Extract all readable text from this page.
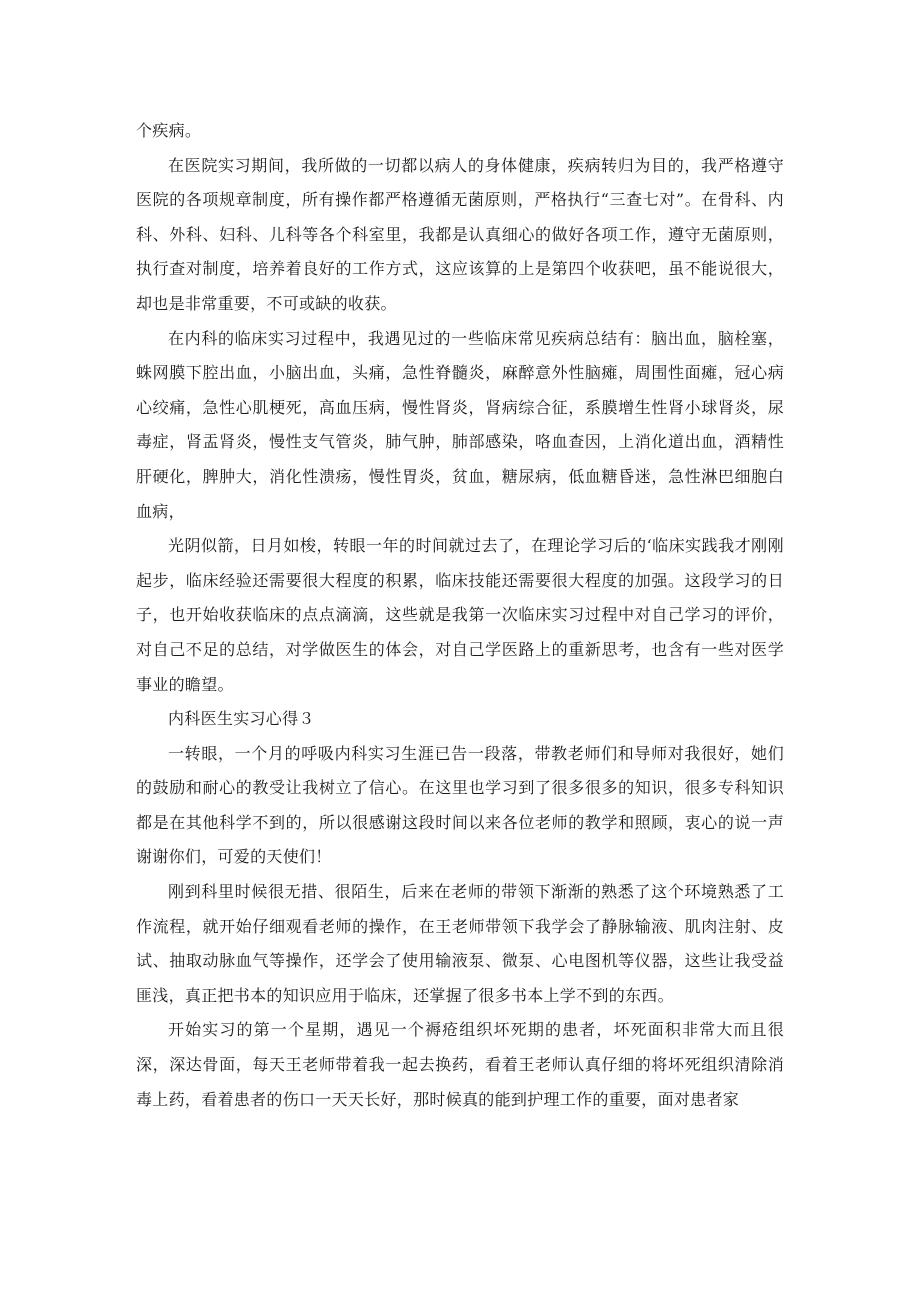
个疾病。

在医院实习期间，我所做的一切都以病人的身体健康，疾病转归为目的，我严格遵守医院的各项规章制度，所有操作都严格遵循无菌原则，严格执行“三查七对”。在骨科、内科、外科、妇科、儿科等各个科室里，我都是认真细心的做好各项工作，遵守无菌原则，执行查对制度，培养着良好的工作方式，这应该算的上是第四个收获吧，虽不能说很大，却也是非常重要，不可或缺的收获。

在内科的临床实习过程中，我遇见过的一些临床常见疾病总结有：脑出血，脑栓塞，蛛网膜下腔出血，小脑出血，头痛，急性脊髓炎，麻醉意外性脑瘫，周围性面瘫，冠心病心绞痛，急性心肌梗死，高血压病，慢性肾炎，肾病综合征，系膜增生性肾小球肾炎，尿毒症，肾盂肾炎，慢性支气管炎，肺气肿，肺部感染，咯血查因，上消化道出血，酒精性肝硬化，脾肿大，消化性溃疡，慢性胃炎，贫血，糖尿病，低血糖昏迷，急性淋巴细胞白血病，

光阴似箭，日月如梭，转眼一年的时间就过去了，在理论学习后的‘临床实践我才刚刚起步，临床经验还需要很大程度的积累，临床技能还需要很大程度的加强。这段学习的日子，也开始收获临床的点点滴滴，这些就是我第一次临床实习过程中对自己学习的评价，对自己不足的总结，对学做医生的体会，对自己学医路上的重新思考，也含有一些对医学事业的瞻望。

内科医生实习心得３

一转眼，一个月的呼吸内科实习生涯已告一段落，带教老师们和导师对我很好，她们的鼓励和耐心的教受让我树立了信心。在这里也学习到了很多很多的知识，很多专科知识都是在其他科学不到的，所以很感谢这段时间以来各位老师的教学和照顾，衷心的说一声谢谢你们，可爱的天使们！

刚到科里时候很无措、很陌生，后来在老师的带领下渐渐的熟悉了这个环境熟悉了工作流程，就开始仔细观看老师的操作，在王老师带领下我学会了静脉输液、肌肉注射、皮试、抽取动脉血气等操作，还学会了使用输液泵、微泵、心电图机等仪器，这些让我受益匪浅，真正把书本的知识应用于临床，还掌握了很多书本上学不到的东西。

开始实习的第一个星期，遇见一个褥疮组织坏死期的患者，坏死面积非常大而且很深，深达骨面，每天王老师带着我一起去换药，看着王老师认真仔细的将坏死组织清除消毒上药，看着患者的伤口一天天长好，那时候真的能到护理工作的重要，面对患者家
